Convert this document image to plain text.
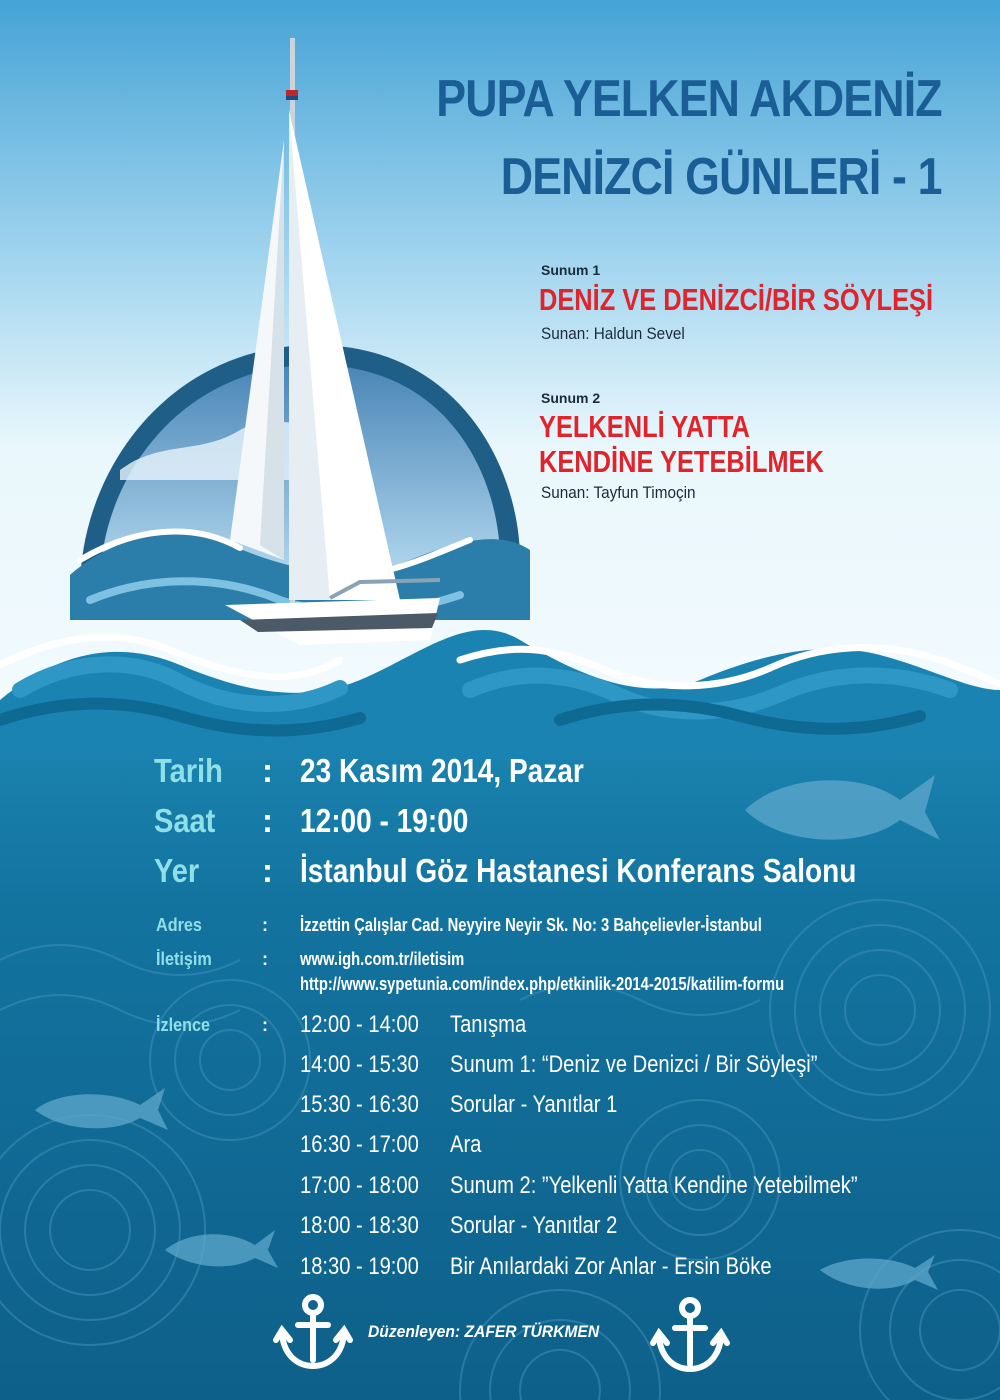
PUPA YELKEN AKDENİZ
DENİZCİ GÜNLERİ - 1
Sunum 1
DENİZ VE DENİZCİ/BİR SÖYLEŞİ
Sunan: Haldun Sevel
Sunum 2
YELKENLİ YATTA
KENDİNE YETEBİLMEK
Sunan: Tayfun Timoçin
Tarih : 23 Kasım 2014, Pazar
Saat : 12:00 - 19:00
Yer : İstanbul Göz Hastanesi Konferans Salonu
Adres	: İzzettin Çalışlar Cad. Neyyire Neyir Sk. No: 3 Bahçelievler-İstanbul
İletişim	: www.igh.com.tr/iletisim
http://www.sypetunia.com/index.php/etkinlik-2014-2015/katilim-formu
İzlence	: 12:00 - 14:00 Tanışma
14:00 - 15:30 Sunum 1: “Deniz ve Denizci / Bir Söyleşi”
15:30 - 16:30 Sorular - Yanıtlar 1
16:30 - 17:00 Ara
17:00 - 18:00 Sunum 2: ”Yelkenli Yatta Kendine Yetebilmek”
18:00 - 18:30 Sorular - Yanıtlar 2
18:30 - 19:00 Bir Anılardaki Zor Anlar - Ersin Böke
Düzenleyen: ZAFER TÜRKMEN
